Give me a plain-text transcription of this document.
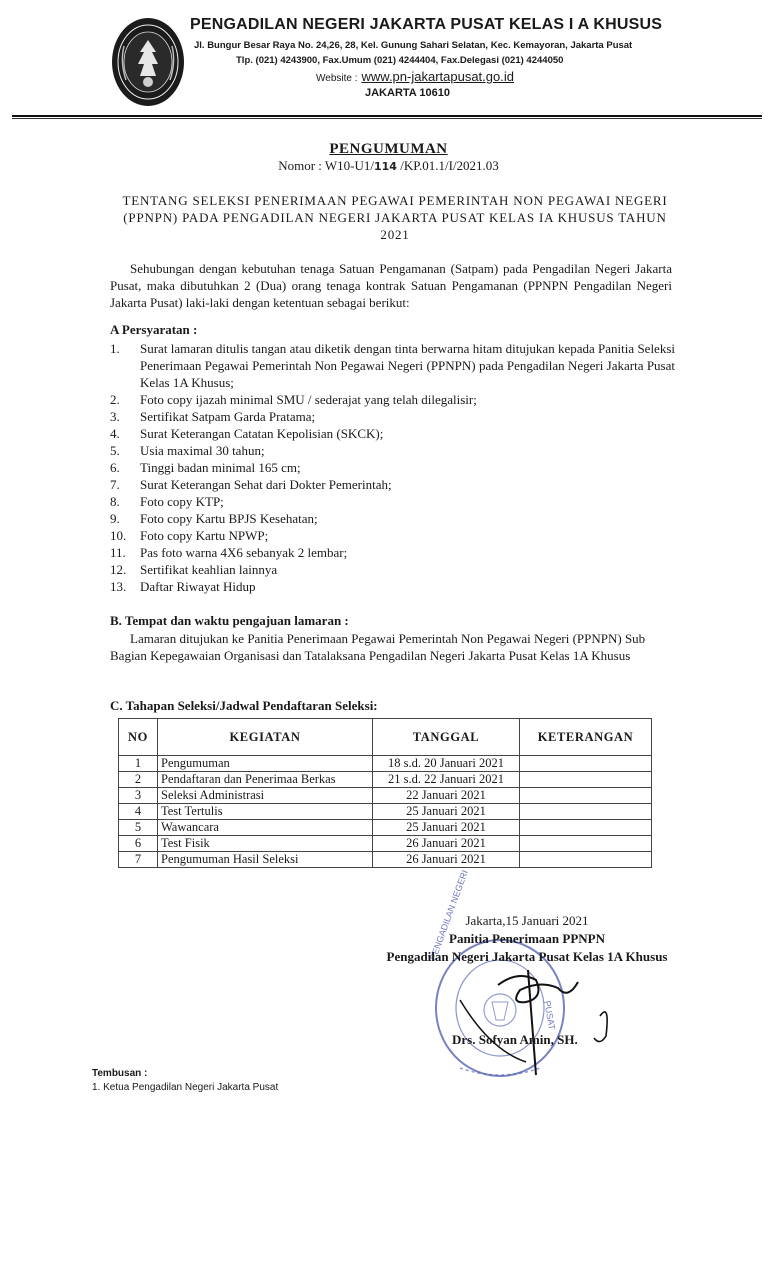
PENGADILAN NEGERI JAKARTA PUSAT KELAS I A KHUSUS
Jl. Bungur Besar Raya No. 24,26, 28, Kel. Gunung Sahari Selatan, Kec. Kemayoran, Jakarta Pusat
Tlp. (021) 4243900, Fax.Umum (021) 4244404, Fax.Delegasi (021) 4244050
Website : www.pn-jakartapusat.go.id
JAKARTA 10610
PENGUMUMAN
Nomor : W10-U1/114 /KP.01.1/I/2021.03
TENTANG SELEKSI PENERIMAAN PEGAWAI PEMERINTAH NON PEGAWAI NEGERI (PPNPN) PADA PENGADILAN NEGERI JAKARTA PUSAT KELAS IA KHUSUS TAHUN 2021
Sehubungan dengan kebutuhan tenaga Satuan Pengamanan (Satpam) pada Pengadilan Negeri Jakarta Pusat, maka dibutuhkan 2 (Dua) orang tenaga kontrak Satuan Pengamanan (PPNPN Pengadilan Negeri Jakarta Pusat) laki-laki dengan ketentuan sebagai berikut:
A Persyaratan :
1.	Surat lamaran ditulis tangan atau diketik dengan tinta berwarna hitam ditujukan kepada Panitia Seleksi Penerimaan Pegawai Pemerintah Non Pegawai Negeri (PPNPN) pada Pengadilan Negeri Jakarta Pusat Kelas 1A Khusus;
2.	Foto copy ijazah minimal SMU / sederajat yang telah dilegalisir;
3.	Sertifikat Satpam Garda Pratama;
4.	Surat Keterangan Catatan Kepolisian (SKCK);
5.	Usia maximal 30 tahun;
6.	Tinggi badan minimal 165 cm;
7.	Surat Keterangan Sehat dari Dokter Pemerintah;
8.	Foto copy KTP;
9.	Foto copy Kartu BPJS Kesehatan;
10.	Foto copy Kartu NPWP;
11.	Pas foto warna 4X6 sebanyak 2 lembar;
12.	Sertifikat keahlian lainnya
13.	Daftar Riwayat Hidup
B. Tempat dan waktu pengajuan lamaran :
Lamaran ditujukan ke Panitia Penerimaan Pegawai Pemerintah Non Pegawai Negeri (PPNPN) Sub Bagian Kepegawaian Organisasi dan Tatalaksana Pengadilan Negeri Jakarta Pusat Kelas 1A Khusus
C. Tahapan Seleksi/Jadwal Pendaftaran Seleksi:
NO	KEGIATAN	TANGGAL	KETERANGAN
1	Pengumuman	18 s.d. 20 Januari 2021	
2	Pendaftaran dan Penerimaa Berkas	21 s.d. 22 Januari 2021	
3	Seleksi Administrasi	22 Januari 2021	
4	Test Tertulis	25 Januari 2021	
5	Wawancara	25 Januari 2021	
6	Test Fisik	26 Januari 2021	
7	Pengumuman Hasil Seleksi	26 Januari 2021	
PENGADILAN NEGERI
PUSAT
Jakarta,15 Januari 2021
Panitia Penerimaan PPNPN
Pengadilan Negeri Jakarta Pusat Kelas 1A Khusus
Drs. Sofyan Amin, SH.
Tembusan :
1. Ketua Pengadilan Negeri Jakarta Pusat
